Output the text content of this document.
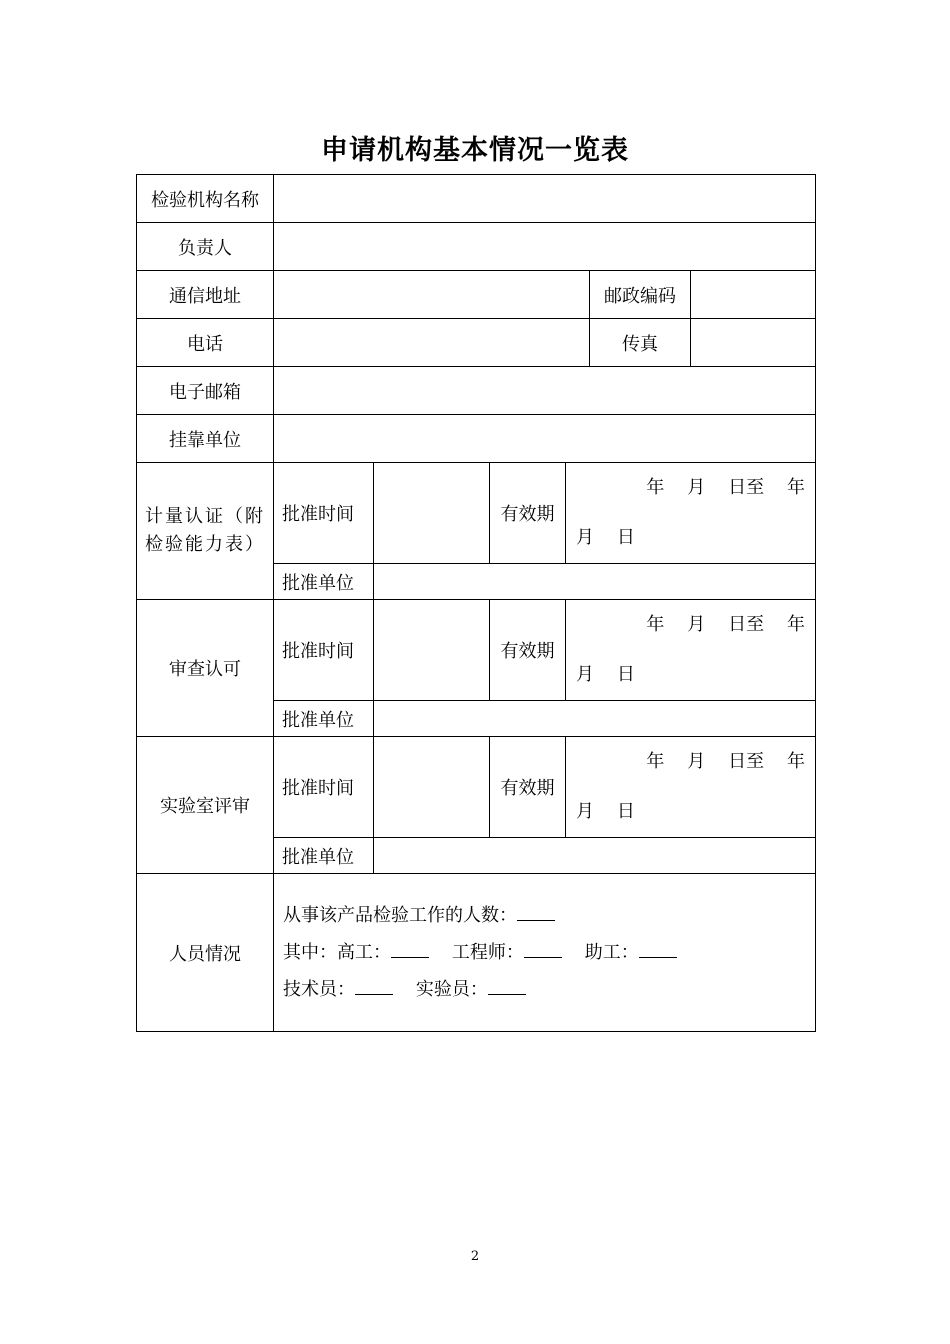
申请机构基本情况一览表
检验机构名称						
负责人						
通信地址					邮政编码	
电话					传真	
电子邮箱						
挂靠单位						
计量认证（附检验能力表）	批准时间		有效期	年    月    日至    年
月    日		

	批准单位					
审查认可	批准时间		有效期	年    月    日至    年
月    日		

	批准单位					
实验室评审	批准时间		有效期	年    月    日至    年
月    日		

	批准单位					
人员情况	从事该产品检验工作的人数：
其中：高工： 工程师： 助工：
技术员： 实验员：					
2
